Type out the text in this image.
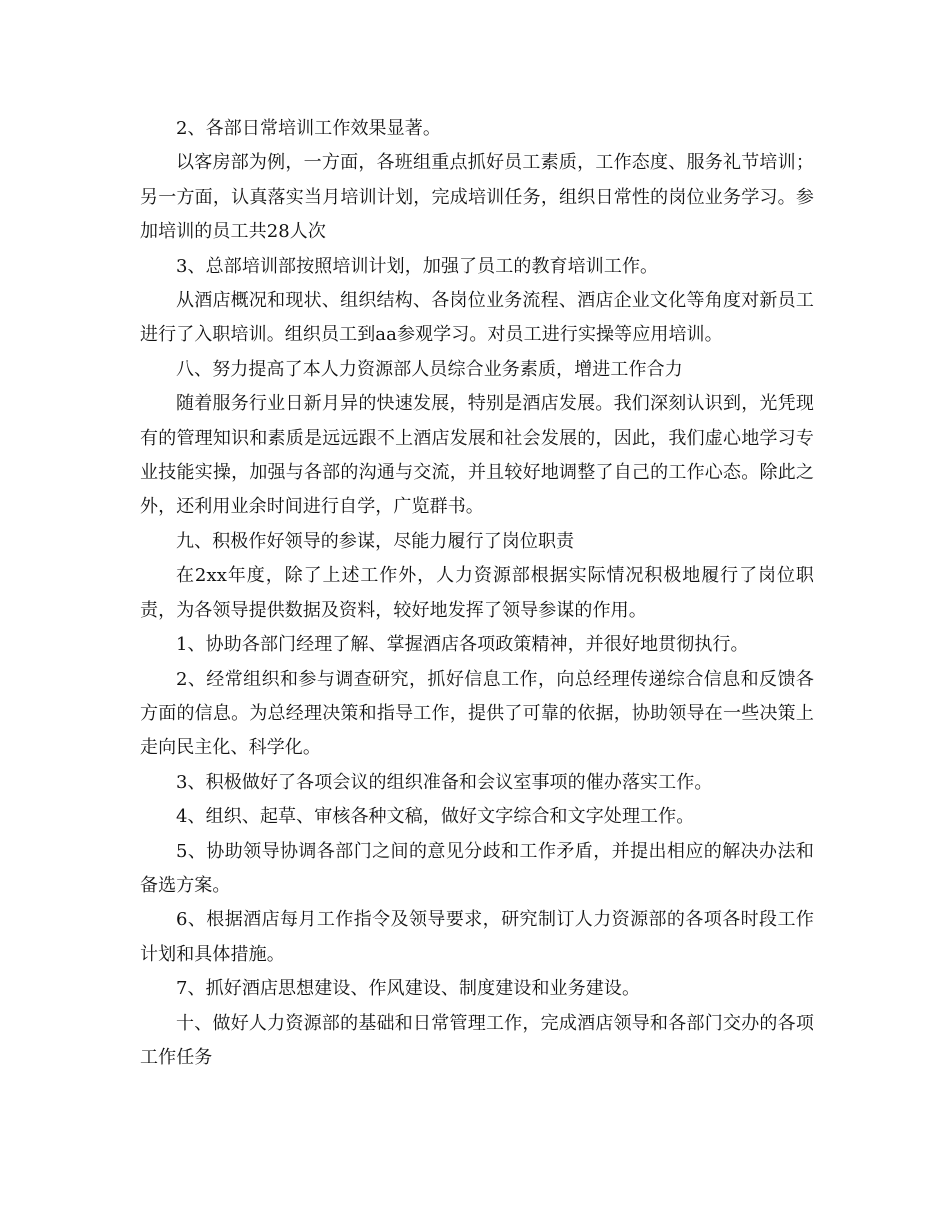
2、各部日常培训工作效果显著。

以客房部为例，一方面，各班组重点抓好员工素质，工作态度、服务礼节培训；另一方面，认真落实当月培训计划，完成培训任务，组织日常性的岗位业务学习。参加培训的员工共28人次

3、总部培训部按照培训计划，加强了员工的教育培训工作。

从酒店概况和现状、组织结构、各岗位业务流程、酒店企业文化等角度对新员工进行了入职培训。组织员工到aa参观学习。对员工进行实操等应用培训。

八、努力提高了本人力资源部人员综合业务素质，增进工作合力

随着服务行业日新月异的快速发展，特别是酒店发展。我们深刻认识到，光凭现有的管理知识和素质是远远跟不上酒店发展和社会发展的，因此，我们虚心地学习专业技能实操，加强与各部的沟通与交流，并且较好地调整了自己的工作心态。除此之外，还利用业余时间进行自学，广览群书。

九、积极作好领导的参谋，尽能力履行了岗位职责

在2xx年度，除了上述工作外，人力资源部根据实际情况积极地履行了岗位职责，为各领导提供数据及资料，较好地发挥了领导参谋的作用。

1、协助各部门经理了解、掌握酒店各项政策精神，并很好地贯彻执行。

2、经常组织和参与调查研究，抓好信息工作，向总经理传递综合信息和反馈各方面的信息。为总经理决策和指导工作，提供了可靠的依据，协助领导在一些决策上走向民主化、科学化。

3、积极做好了各项会议的组织准备和会议室事项的催办落实工作。

4、组织、起草、审核各种文稿，做好文字综合和文字处理工作。

5、协助领导协调各部门之间的意见分歧和工作矛盾，并提出相应的解决办法和备选方案。

6、根据酒店每月工作指令及领导要求，研究制订人力资源部的各项各时段工作计划和具体措施。

7、抓好酒店思想建设、作风建设、制度建设和业务建设。

十、做好人力资源部的基础和日常管理工作，完成酒店领导和各部门交办的各项工作任务
